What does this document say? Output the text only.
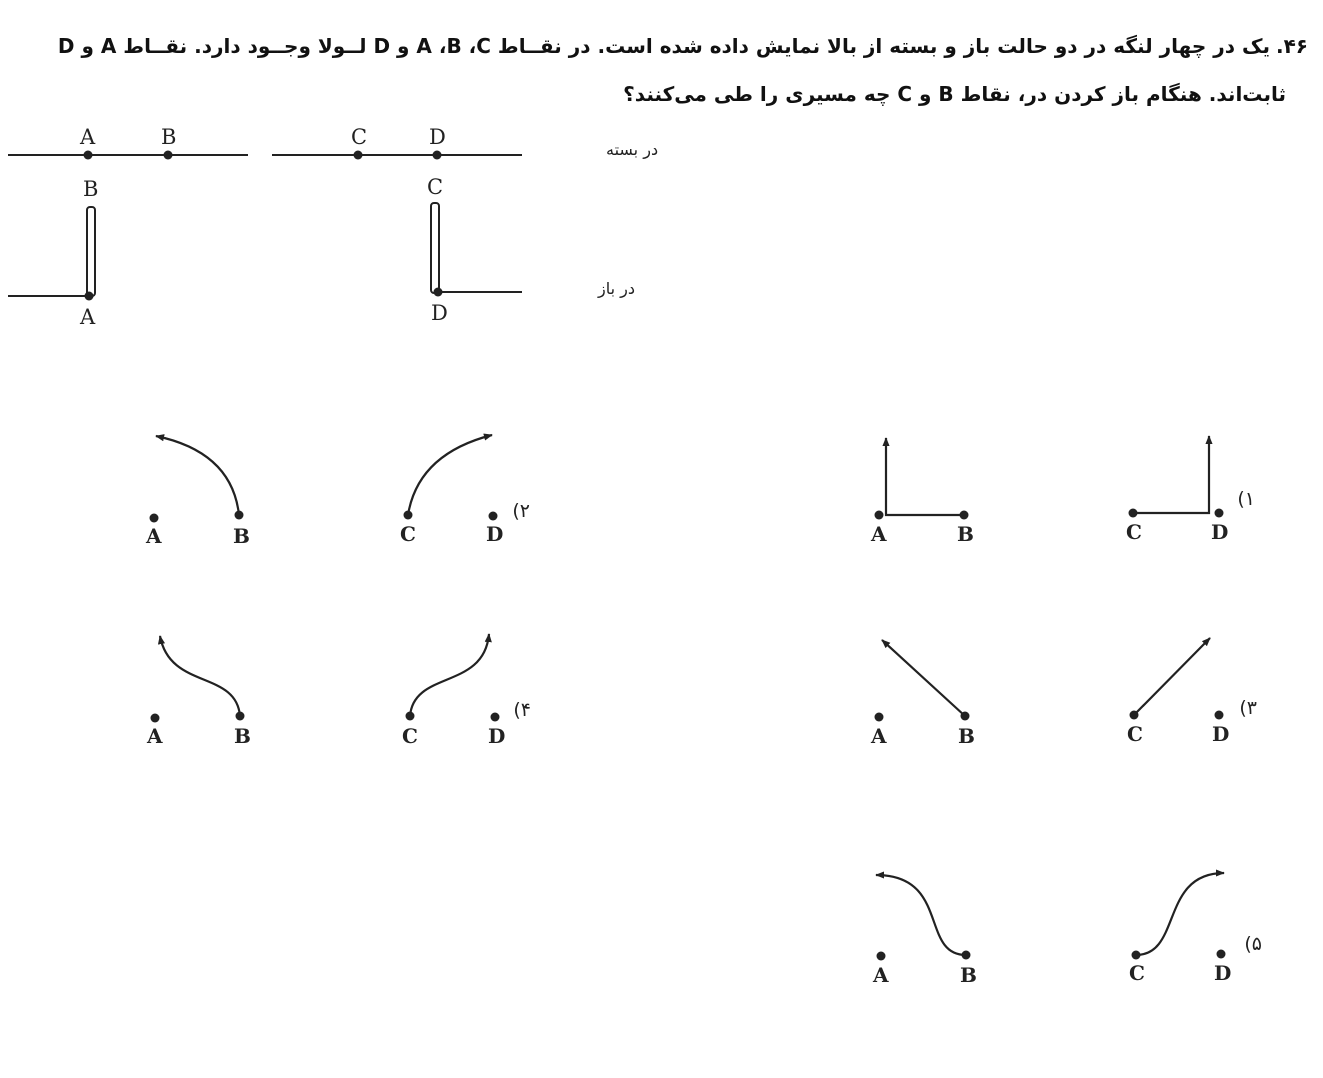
۴۶.یک در چهار لنگه در دو حالت باز و بسته از بالا نمایش داده شده است. در نقــاط A ،B ،C و D لــولا وجــود دارد. نقــاط A و D
ثابت‌اند. هنگام باز کردن در، نقاط B و C چه مسیری را طی می‌کنند؟
A	B	C	D
در بسته
B
A
C
D
در باز
(۱
A	B	C	D
(۲
A	B	C	D
(۳
A	B	C	D
(۴
A	B	C	D
(۵
A	B	C	D
